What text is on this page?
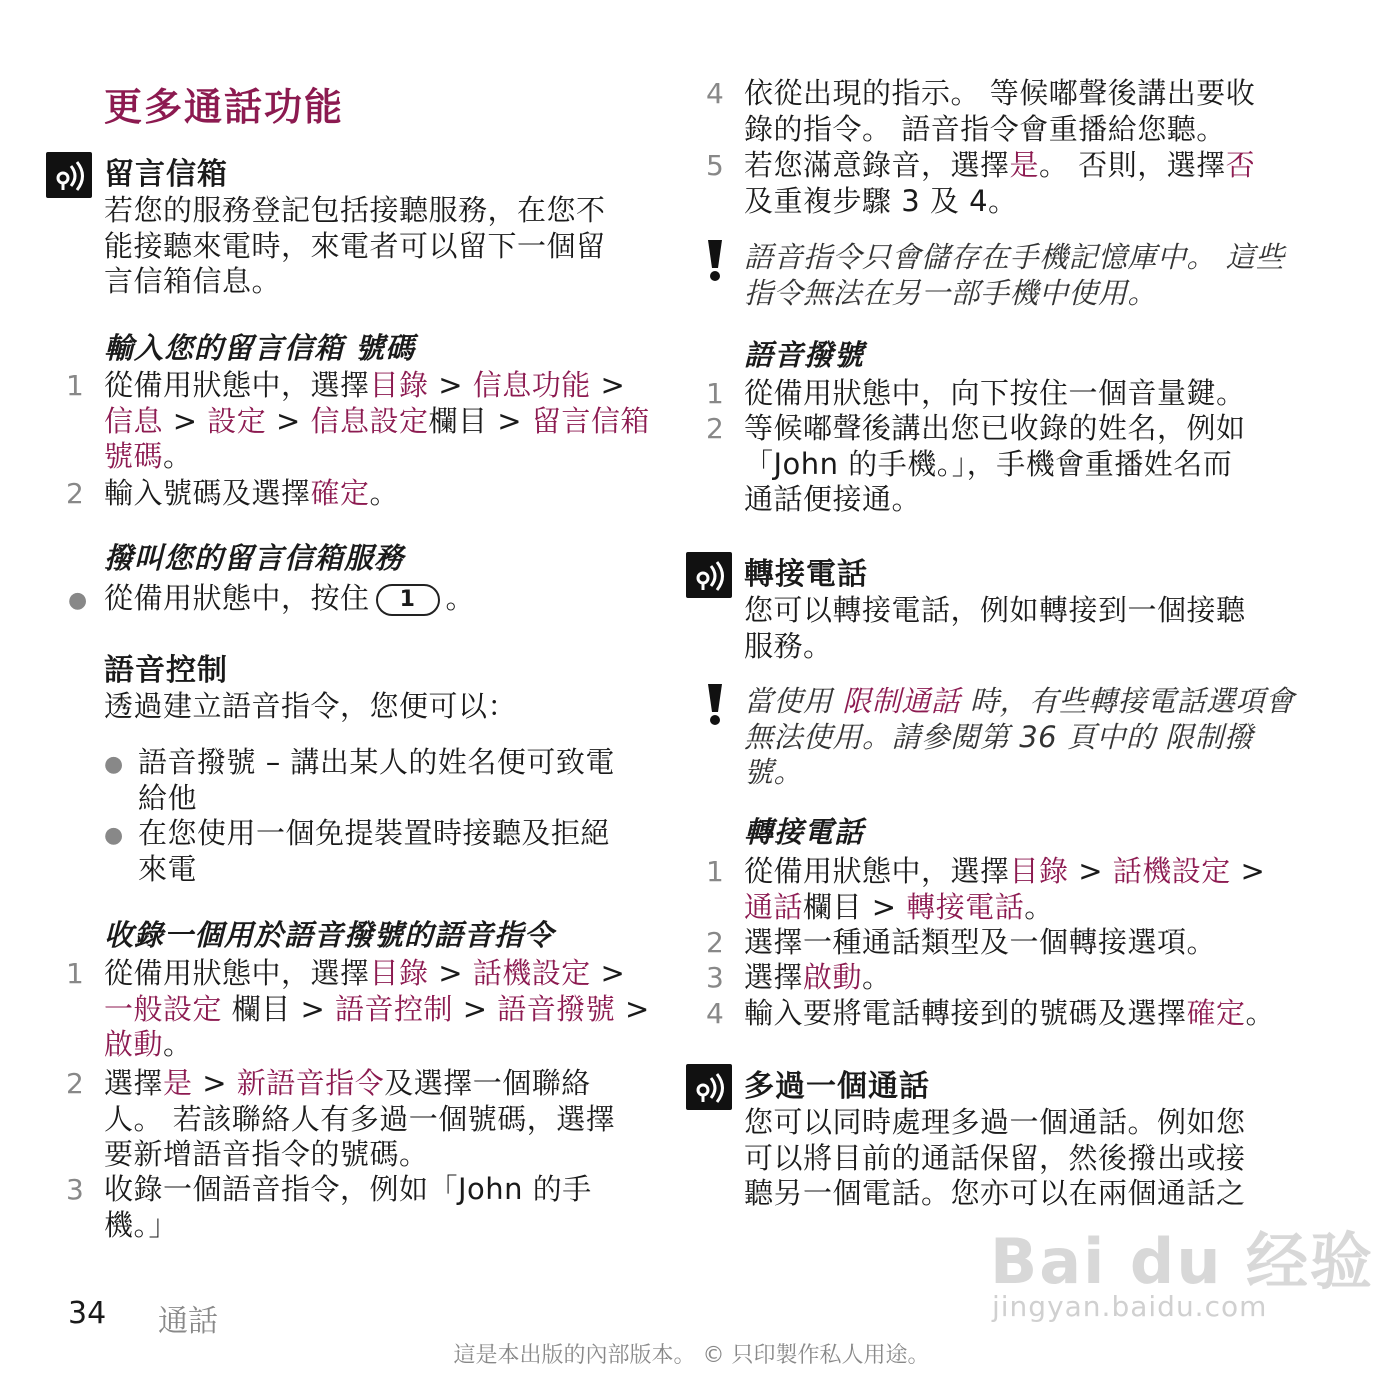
更多通話功能
留言信箱
若您的服務登記包括接聽服務，在您不
能接聽來電時，來電者可以留下一個留
言信箱信息。
輸入您的留言信箱 號碼
1 從備用狀態中，選擇目錄 > 信息功能 >
信息 > 設定 > 信息設定欄目 > 留言信箱
號碼。
2 輸入號碼及選擇確定。
撥叫您的留言信箱服務
● 從備用狀態中，按住 1 。
語音控制
透過建立語音指令，您便可以：
● 語音撥號 – 講出某人的姓名便可致電
給他
● 在您使用一個免提裝置時接聽及拒絕
來電
收錄一個用於語音撥號的語音指令
1 從備用狀態中，選擇目錄 > 話機設定 >
一般設定 欄目 > 語音控制 > 語音撥號 >
啟動。
2 選擇是 > 新語音指令及選擇一個聯絡
人。 若該聯絡人有多過一個號碼，選擇
要新增語音指令的號碼。
3 收錄一個語音指令，例如「John 的手
機。」
4 依從出現的指示。 等候嘟聲後講出要收
錄的指令。 語音指令會重播給您聽。
5 若您滿意錄音，選擇是。 否則，選擇否
及重複步驟 3 及 4。
語音指令只會儲存在手機記憶庫中。 這些
指令無法在另一部手機中使用。
語音撥號
1 從備用狀態中，向下按住一個音量鍵。
2 等候嘟聲後講出您已收錄的姓名，例如
「John 的手機。」，手機會重播姓名而
通話便接通。
轉接電話
您可以轉接電話，例如轉接到一個接聽
服務。
當使用 限制通話 時，有些轉接電話選項會
無法使用。請參閱第 36 頁中的 限制撥
號。
轉接電話
1 從備用狀態中，選擇目錄 > 話機設定 >
通話欄目 > 轉接電話。
2 選擇一種通話類型及一個轉接選項。
3 選擇啟動。
4 輸入要將電話轉接到的號碼及選擇確定。
多過一個通話
您可以同時處理多過一個通話。例如您
可以將目前的通話保留，然後撥出或接
聽另一個電話。您亦可以在兩個通話之
Bai du 经验
jingyan.baidu.com
34 通話
這是本出版的內部版本。 © 只印製作私人用途。
